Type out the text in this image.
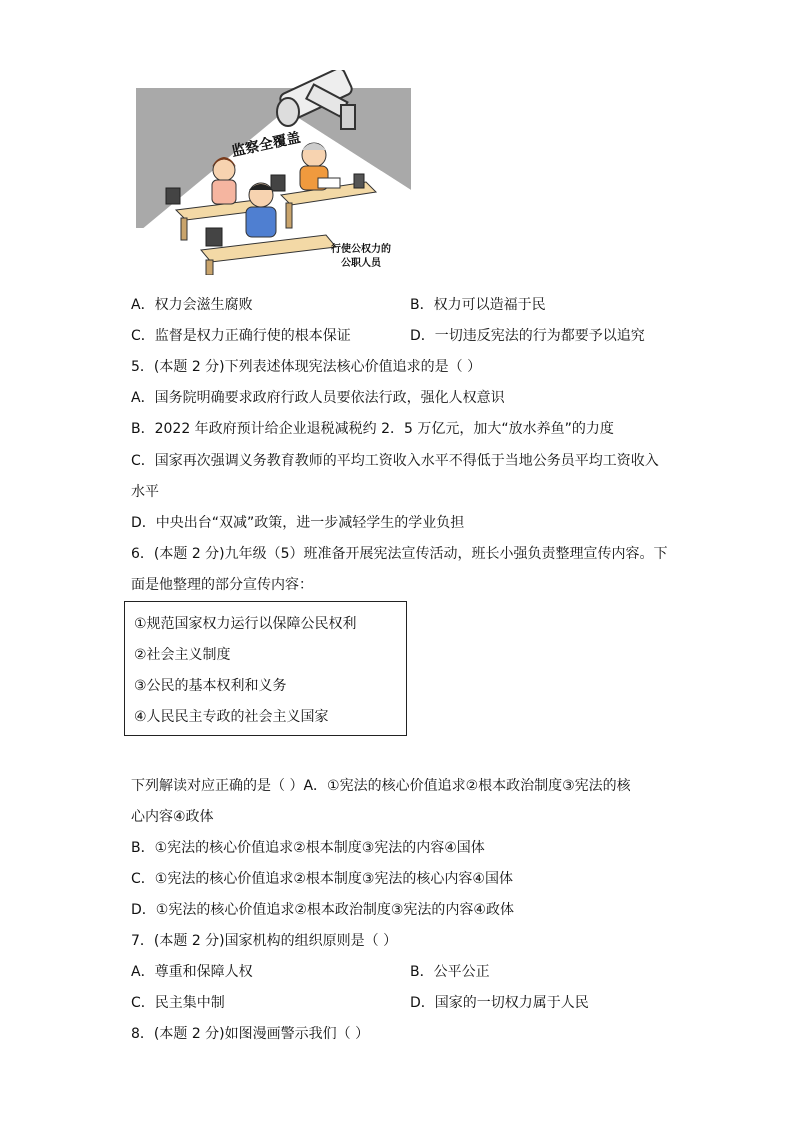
监察全覆盖
行使公权力的
公职人员
A．权力会滋生腐败	B．权力可以造福于民
C．监督是权力正确行使的根本保证	D．一切违反宪法的行为都要予以追究
5．(本题 2 分)下列表述体现宪法核心价值追求的是（ ）
A．国务院明确要求政府行政人员要依法行政，强化人权意识
B．2022 年政府预计给企业退税减税约 2．5 万亿元，加大“放水养鱼”的力度
C．国家再次强调义务教育教师的平均工资收入水平不得低于当地公务员平均工资收入
水平
D．中央出台“双减”政策，进一步减轻学生的学业负担
6．(本题 2 分)九年级（5）班准备开展宪法宣传活动，班长小强负责整理宣传内容。下
面是他整理的部分宣传内容：
①规范国家权力运行以保障公民权利
②社会主义制度
③公民的基本权利和义务
④人民民主专政的社会主义国家
下列解读对应正确的是（ ）A．①宪法的核心价值追求②根本政治制度③宪法的核
心内容④政体
B．①宪法的核心价值追求②根本制度③宪法的内容④国体
C．①宪法的核心价值追求②根本制度③宪法的核心内容④国体
D．①宪法的核心价值追求②根本政治制度③宪法的内容④政体
7．(本题 2 分)国家机构的组织原则是（ ）
A．尊重和保障人权	B．公平公正
C．民主集中制	D．国家的一切权力属于人民
8．(本题 2 分)如图漫画警示我们（ ）
